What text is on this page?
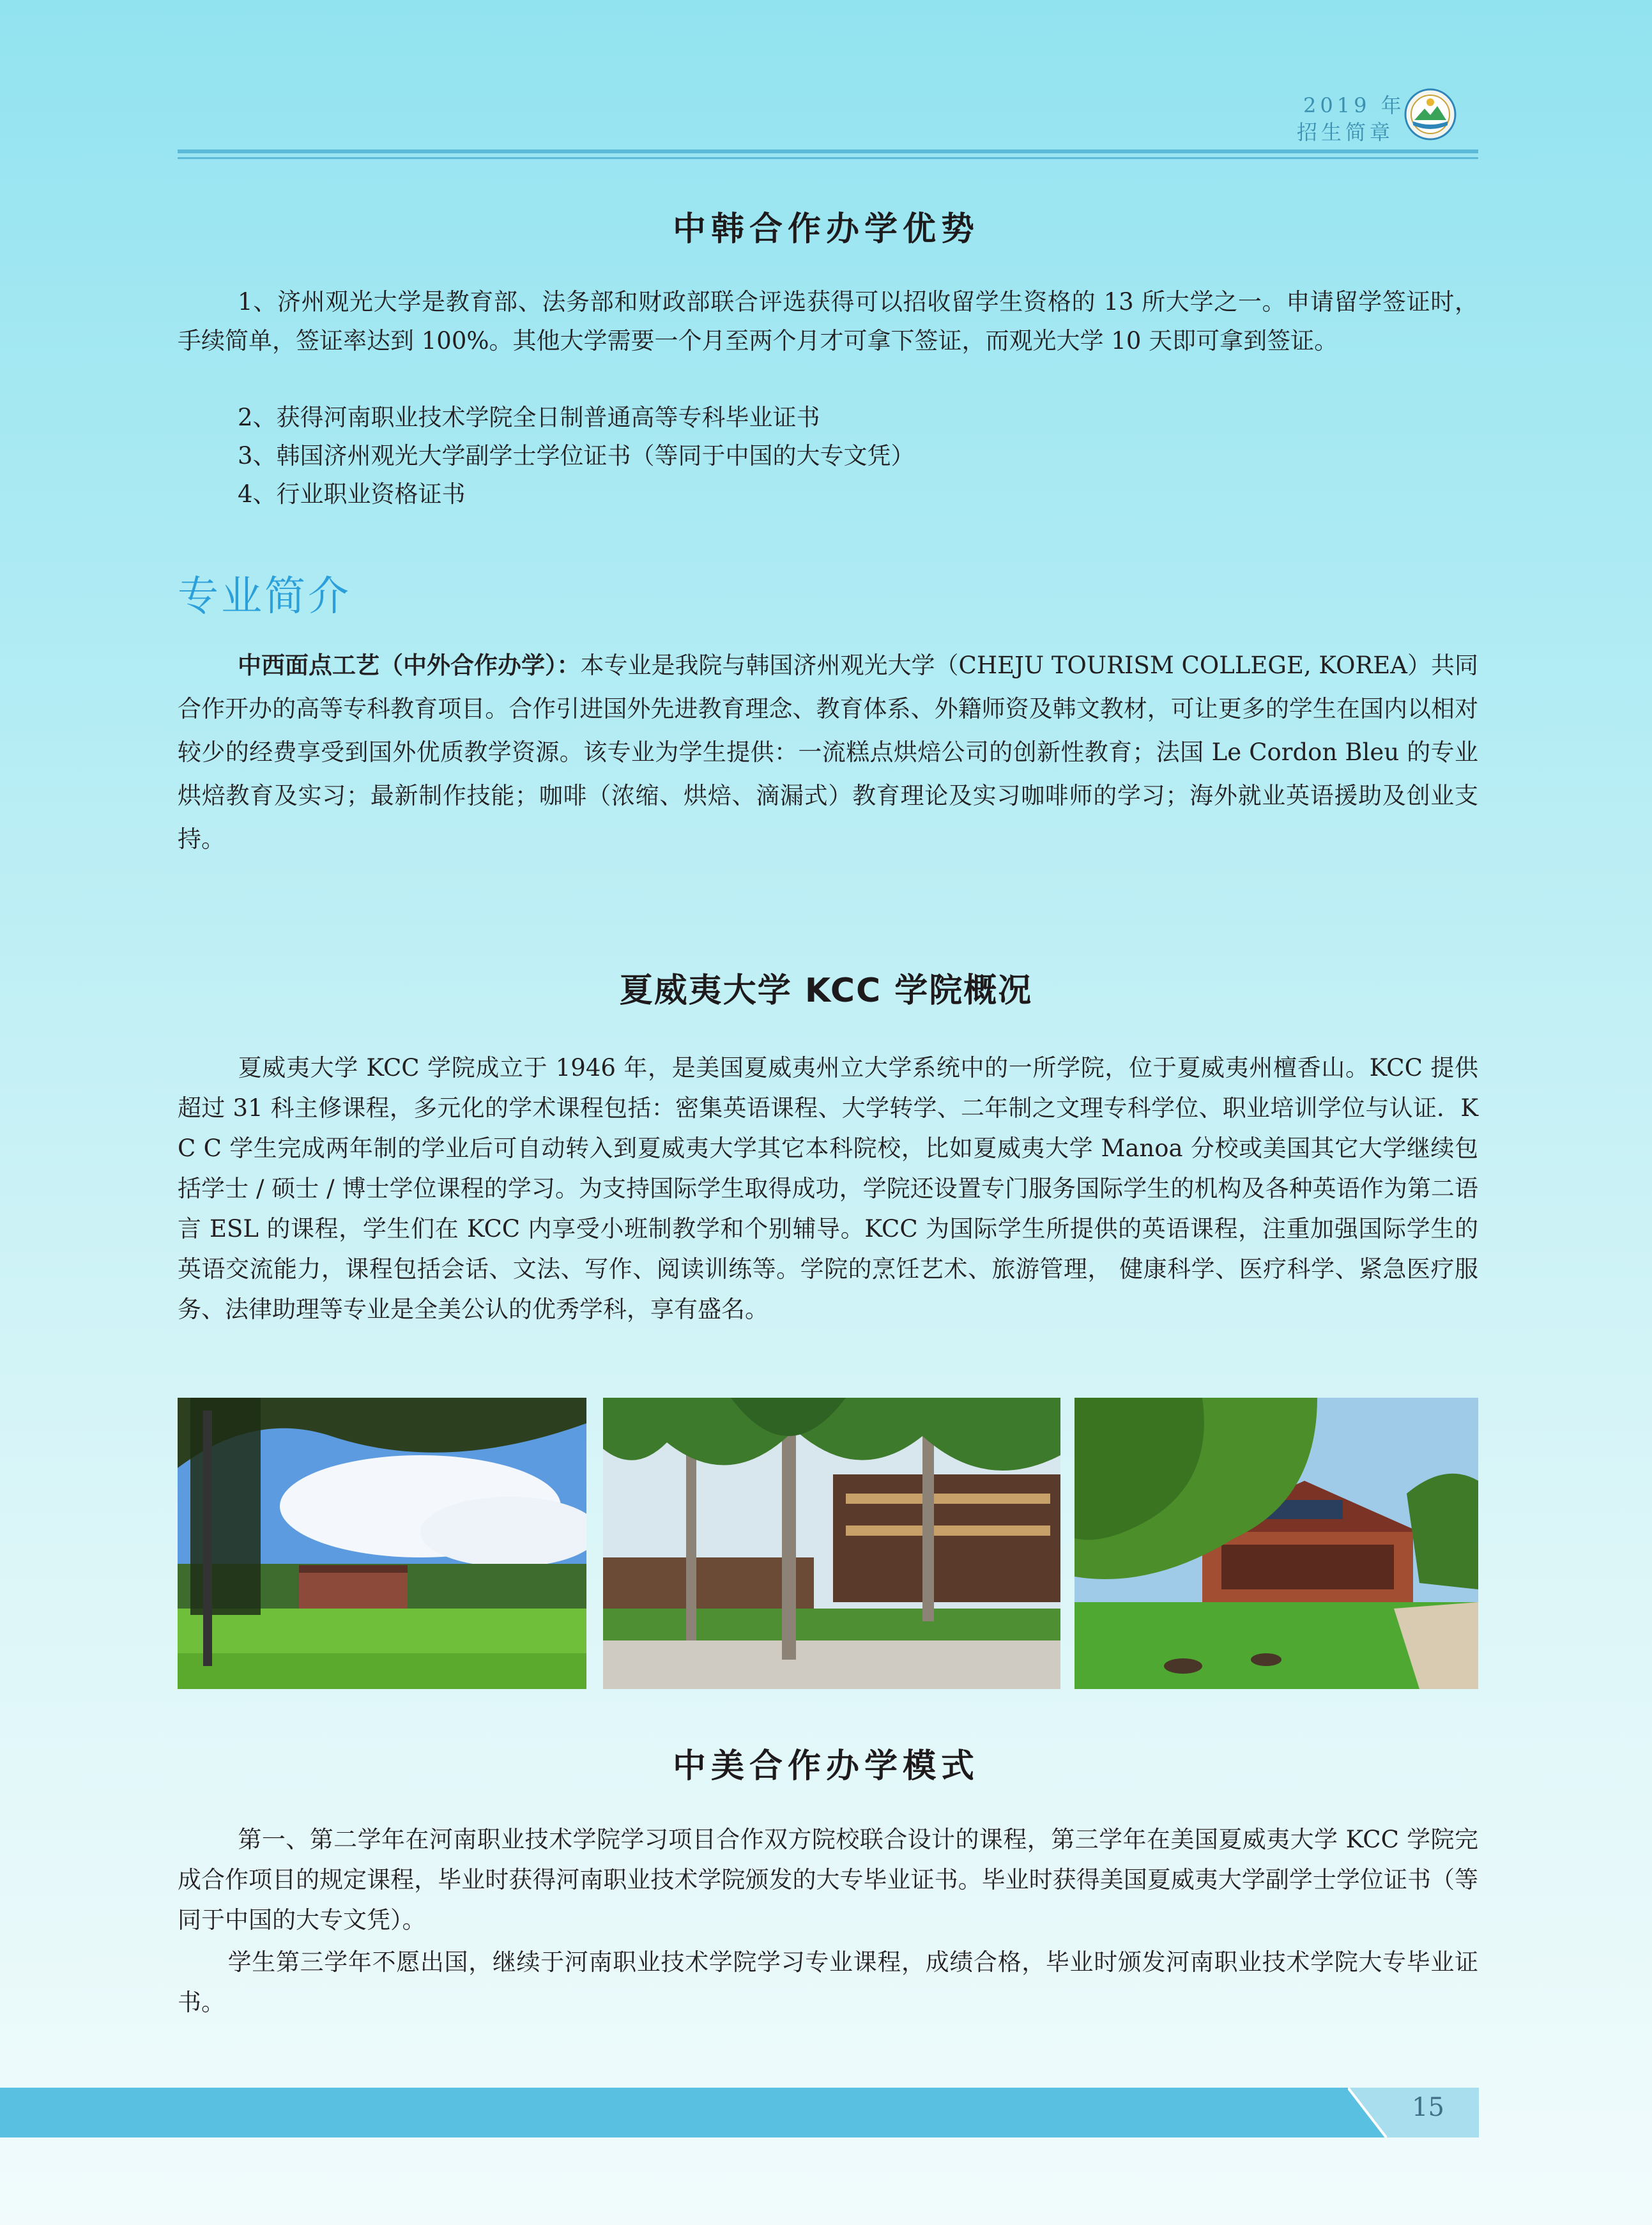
2019 年
招生简章
中韩合作办学优势

1、济州观光大学是教育部、法务部和财政部联合评选获得可以招收留学生资格的 13 所大学之一。申请留学签证时，手续简单，签证率达到 100%。其他大学需要一个月至两个月才可拿下签证，而观光大学 10 天即可拿到签证。

2、获得河南职业技术学院全日制普通高等专科毕业证书
3、韩国济州观光大学副学士学位证书（等同于中国的大专文凭）
4、行业职业资格证书
专业简介

中西面点工艺（中外合作办学）：本专业是我院与韩国济州观光大学（CHEJU TOURISM COLLEGE, KOREA）共同合作开办的高等专科教育项目。合作引进国外先进教育理念、教育体系、外籍师资及韩文教材，可让更多的学生在国内以相对较少的经费享受到国外优质教学资源。该专业为学生提供：一流糕点烘焙公司的创新性教育；法国 Le Cordon Bleu 的专业烘焙教育及实习；最新制作技能；咖啡（浓缩、烘焙、滴漏式）教育理论及实习咖啡师的学习；海外就业英语援助及创业支持。

夏威夷大学 KCC 学院概况

夏威夷大学 KCC 学院成立于 1946 年，是美国夏威夷州立大学系统中的一所学院，位于夏威夷州檀香山。KCC 提供超过 31 科主修课程，多元化的学术课程包括：密集英语课程、大学转学、二年制之文理专科学位、职业培训学位与认证．K C C 学生完成两年制的学业后可自动转入到夏威夷大学其它本科院校，比如夏威夷大学 Manoa 分校或美国其它大学继续包括学士 / 硕士 / 博士学位课程的学习。为支持国际学生取得成功，学院还设置专门服务国际学生的机构及各种英语作为第二语言 ESL 的课程，学生们在 KCC 内享受小班制教学和个别辅导。KCC 为国际学生所提供的英语课程，注重加强国际学生的英语交流能力，课程包括会话、文法、写作、阅读训练等。学院的烹饪艺术、旅游管理， 健康科学、医疗科学、紧急医疗服务、法律助理等专业是全美公认的优秀学科，享有盛名。

中美合作办学模式

第一、第二学年在河南职业技术学院学习项目合作双方院校联合设计的课程，第三学年在美国夏威夷大学 KCC 学院完成合作项目的规定课程，毕业时获得河南职业技术学院颁发的大专毕业证书。毕业时获得美国夏威夷大学副学士学位证书（等同于中国的大专文凭）。

学生第三学年不愿出国，继续于河南职业技术学院学习专业课程，成绩合格，毕业时颁发河南职业技术学院大专毕业证书。

15
